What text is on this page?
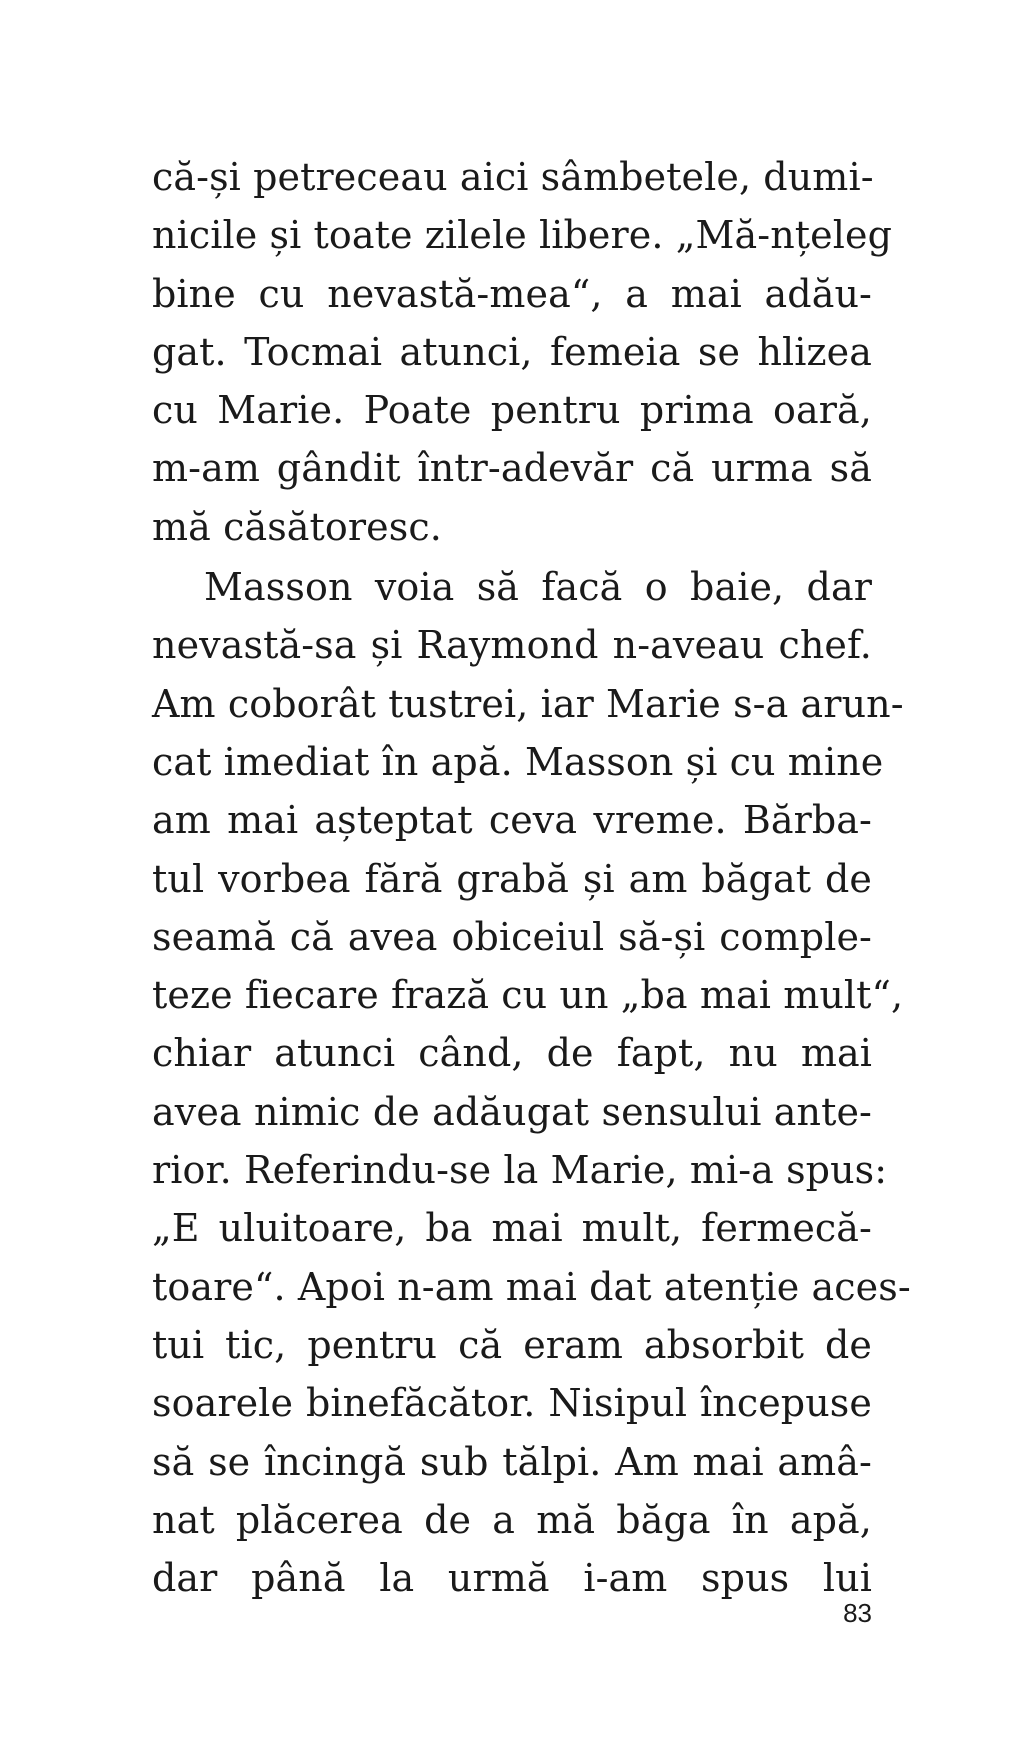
că-și petreceau aici sâmbetele, dumi-
nicile și toate zilele libere. „Mă-nțeleg
bine cu nevastă-mea“, a mai adău-
gat. Tocmai atunci, femeia se hlizea
cu Marie. Poate pentru prima oară,
m-am gândit într-adevăr că urma să
mă căsătoresc.
Masson voia să facă o baie, dar
nevastă-sa și Raymond n-aveau chef.
Am coborât tustrei, iar Marie s-a arun-
cat imediat în apă. Masson și cu mine
am mai așteptat ceva vreme. Bărba-
tul vorbea fără grabă și am băgat de
seamă că avea obiceiul să-și comple-
teze fiecare frază cu un „ba mai mult“,
chiar atunci când, de fapt, nu mai
avea nimic de adăugat sensului ante-
rior. Referindu-se la Marie, mi-a spus:
„E uluitoare, ba mai mult, fermecă-
toare“. Apoi n-am mai dat atenție aces-
tui tic, pentru că eram absorbit de
soarele binefăcător. Nisipul începuse
să se încingă sub tălpi. Am mai amâ-
nat plăcerea de a mă băga în apă,
dar până la urmă i-am spus lui
83
